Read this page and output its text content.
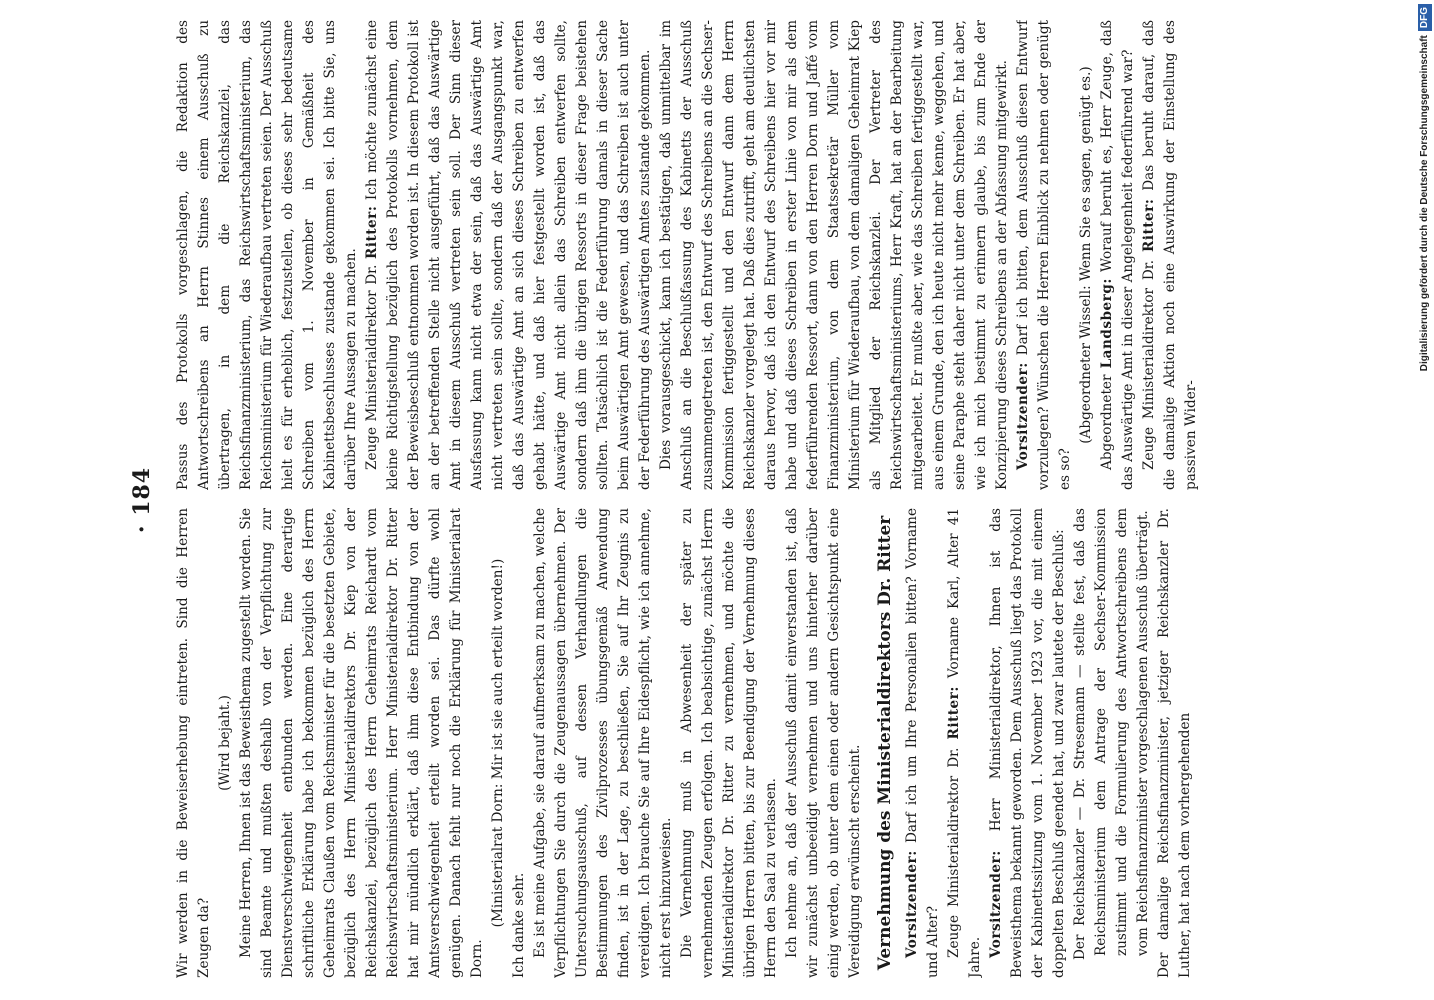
· 184

Wir werden in die Beweiserhebung eintreten. Sind die Herren Zeugen da?

(Wird bejaht.) Meine Herren, Ihnen ist das Beweisthema zugestellt worden. Sie sind Beamte und mußten deshalb von der Verpflichtung zur Dienstverschwiegenheit entbunden werden. Eine derartige schriftliche Erklärung habe ich bekommen bezüglich des Herrn Geheimrats Claußen vom Reichsminister für die besetzten Gebiete, bezüglich des Herrn Ministerialdirektors Dr. Kiep von der Reichskanzlei, bezüglich des Herrn Geheimrats Reichardt vom Reichswirtschaftsministerium. Herr Ministerialdirektor Dr. Ritter hat mir mündlich erklärt, daß ihm diese Entbindung von der Amtsverschwiegenheit erteilt worden sei. Das dürfte wohl genügen. Danach fehlt nur noch die Erklärung für Ministerialrat Dorn.

(Ministerialrat Dorn: Mir ist sie auch erteilt worden!) Ich danke sehr. Es ist meine Aufgabe, sie darauf aufmerksam zu machen, welche Verpflichtungen Sie durch die Zeugenaussagen übernehmen. Der Untersuchungsausschuß, auf dessen Verhandlungen die Bestimmungen des Zivilprozesses übungsgemäß Anwendung finden, ist in der Lage, zu beschließen, Sie auf Ihr Zeugnis zu vereidigen. Ich brauche Sie auf Ihre Eidespflicht, wie ich annehme, nicht erst hinzuweisen. Die Vernehmung muß in Abwesenheit der später zu vernehmenden Zeugen erfolgen. Ich beabsichtige, zunächst Herrn Ministerialdirektor Dr. Ritter zu vernehmen, und möchte die übrigen Herren bitten, bis zur Beendigung der Vernehmung dieses Herrn den Saal zu verlassen. Ich nehme an, daß der Ausschuß damit einverstanden ist, daß wir zunächst unbeeidigt vernehmen und uns hinterher darüber einig werden, ob unter dem einen oder andern Gesichtspunkt eine Vereidigung erwünscht erscheint. Vernehmung des Ministerialdirektors Dr. Ritter Vorsitzender: Darf ich um Ihre Personalien bitten? Vorname und Alter? Zeuge Ministerialdirektor Dr. Ritter: Vorname Karl, Alter 41 Jahre. Vorsitzender: Herr Ministerialdirektor, Ihnen ist das Beweisthema bekannt geworden. Dem Ausschuß liegt das Protokoll der Kabinettssitzung vom 1. November 1923 vor, die mit einem doppelten Beschluß geendet hat, und zwar lautete der Beschluß: Der Reichskanzler — Dr. Stresemann — stellte fest, daß das Reichsministerium dem Antrage der Sechser-Kommission zustimmt und die Formulierung des Antwortschreibens dem vom Reichsfinanzminister vorgeschlagenen Ausschuß überträgt. Der damalige Reichsfinanzminister, jetziger Reichskanzler Dr. Luther, hat nach dem vorhergehenden

Passus des Protokolls vorgeschlagen, die Redaktion des Antwortschreibens an Herrn Stinnes einem Ausschuß zu übertragen, in dem die Reichskanzlei, das Reichsfinanzministerium, das Reichswirtschaftsministerium, das Reichsministerium für Wiederaufbau vertreten seien. Der Ausschuß hielt es für erheblich, festzustellen, ob dieses sehr bedeutsame Schreiben vom 1. November in Gemäßheit des Kabinettsbeschlusses zustande gekommen sei. Ich bitte Sie, uns darüber Ihre Aussagen zu machen. Zeuge Ministerialdirektor Dr. Ritter: Ich möchte zunächst eine kleine Richtigstellung bezüglich des Protokolls vornehmen, dem der Beweisbeschluß entnommen worden ist. In diesem Protokoll ist an der betreffenden Stelle nicht ausgeführt, daß das Auswärtige Amt in diesem Ausschuß vertreten sein soll. Der Sinn dieser Ausfassung kann nicht etwa der sein, daß das Auswärtige Amt nicht vertreten sein sollte, sondern daß der Ausgangspunkt war, daß das Auswärtige Amt an sich dieses Schreiben zu entwerfen gehabt hätte, und daß hier festgestellt worden ist, daß das Auswärtige Amt nicht allein das Schreiben entwerfen sollte, sondern daß ihm die übrigen Ressorts in dieser Frage beistehen sollten. Tatsächlich ist die Federführung damals in dieser Sache beim Auswärtigen Amt gewesen, und das Schreiben ist auch unter der Federführung des Auswärtigen Amtes zustande gekommen. Dies vorausgeschickt, kann ich bestätigen, daß unmittelbar im Anschluß an die Beschlußfassung des Kabinetts der Ausschuß zusammengetreten ist, den Entwurf des Schreibens an die Sechser-Kommission fertiggestellt und den Entwurf dann dem Herrn Reichskanzler vorgelegt hat. Daß dies zutrifft, geht am deutlichsten daraus hervor, daß ich den Entwurf des Schreibens hier vor mir habe und daß dieses Schreiben in erster Linie von mir als dem federführenden Ressort, dann von den Herren Dorn und Jaffé vom Finanzministerium, von dem Staatssekretär Müller vom Ministerium für Wiederaufbau, von dem damaligen Geheimrat Kiep als Mitglied der Reichskanzlei. Der Vertreter des Reichswirtschaftsministeriums, Herr Kraft, hat an der Bearbeitung mitgearbeitet. Er mußte aber, wie das Schreiben fertiggestellt war, aus einem Grunde, den ich heute nicht mehr kenne, weggehen, und seine Paraphe steht daher nicht unter dem Schreiben. Er hat aber, wie ich mich bestimmt zu erinnern glaube, bis zum Ende der Konzipierung dieses Schreibens an der Abfassung mitgewirkt. Vorsitzender: Darf ich bitten, dem Ausschuß diesen Entwurf vorzulegen? Wünschen die Herren Einblick zu nehmen oder genügt es so?

(Abgeordneter Wissell: Wenn Sie es sagen, genügt es.) Abgeordneter Landsberg: Worauf beruht es, Herr Zeuge, daß das Auswärtige Amt in dieser Angelegenheit federführend war? Zeuge Ministerialdirektor Dr. Ritter: Das beruht darauf, daß die damalige Aktion noch eine Auswirkung der Einstellung des passiven Wider-

Digitalisierung gefördert durch die Deutsche ForschungsgemeinschaftDFG
